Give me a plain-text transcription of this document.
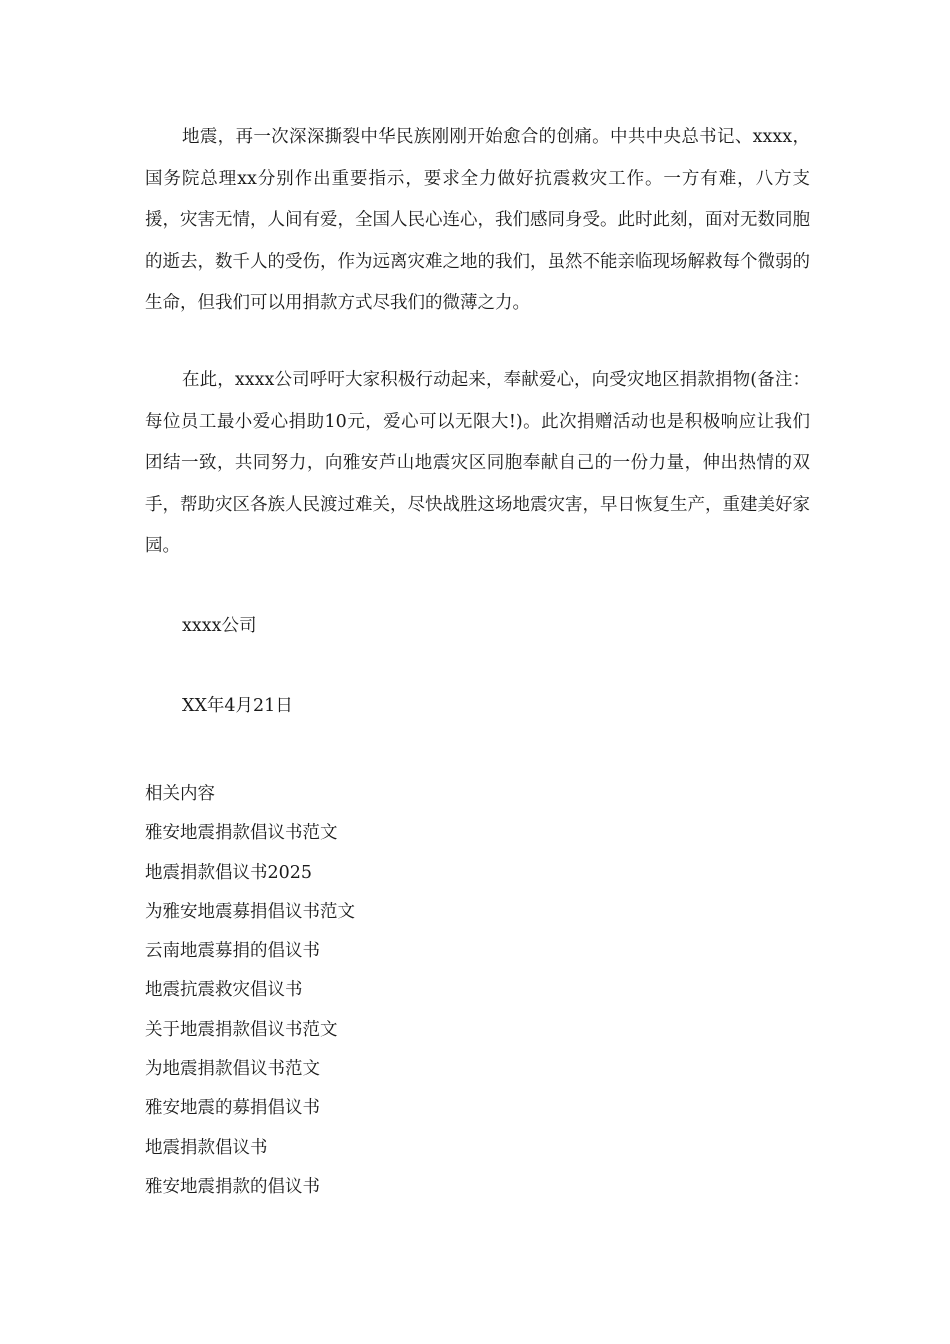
地震，再一次深深撕裂中华民族刚刚开始愈合的创痛。中共中央总书记、xxxx，国务院总理xx分别作出重要指示，要求全力做好抗震救灾工作。一方有难，八方支援，灾害无情，人间有爱，全国人民心连心，我们感同身受。此时此刻，面对无数同胞的逝去，数千人的受伤，作为远离灾难之地的我们，虽然不能亲临现场解救每个微弱的生命，但我们可以用捐款方式尽我们的微薄之力。

在此，xxxx公司呼吁大家积极行动起来，奉献爱心，向受灾地区捐款捐物(备注：每位员工最小爱心捐助10元，爱心可以无限大!)。此次捐赠活动也是积极响应让我们团结一致，共同努力，向雅安芦山地震灾区同胞奉献自己的一份力量，伸出热情的双手，帮助灾区各族人民渡过难关，尽快战胜这场地震灾害，早日恢复生产，重建美好家园。

xxxx公司
XX年4月21日
相关内容
雅安地震捐款倡议书范文
地震捐款倡议书2025
为雅安地震募捐倡议书范文
云南地震募捐的倡议书
地震抗震救灾倡议书
关于地震捐款倡议书范文
为地震捐款倡议书范文
雅安地震的募捐倡议书
地震捐款倡议书
雅安地震捐款的倡议书
